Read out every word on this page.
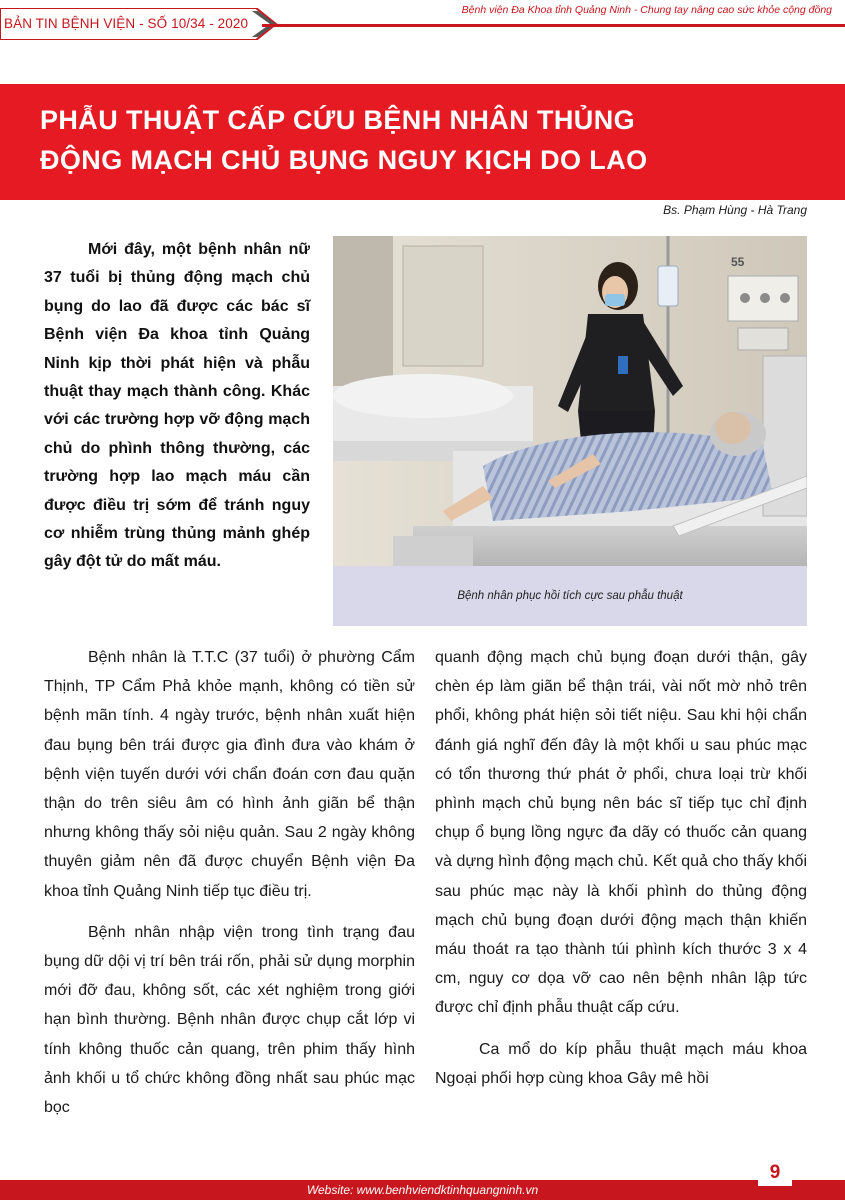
BẢN TIN BỆNH VIỆN - SỐ 10/34 - 2020
Bệnh viện Đa Khoa tỉnh Quảng Ninh - Chung tay nâng cao sức khỏe cộng đồng
PHẪU THUẬT CẤP CỨU BỆNH NHÂN THỦNG
ĐỘNG MẠCH CHỦ BỤNG NGUY KỊCH DO LAO
Bs. Phạm Hùng - Hà Trang

Mới đây, một bệnh nhân nữ 37 tuổi bị thủng động mạch chủ bụng do lao đã được các bác sĩ Bệnh viện Đa khoa tỉnh Quảng Ninh kịp thời phát hiện và phẫu thuật thay mạch thành công. Khác với các trường hợp vỡ động mạch chủ do phình thông thường, các trường hợp lao mạch máu cần được điều trị sớm để tránh nguy cơ nhiễm trùng thủng mảnh ghép gây đột tử do mất máu.

55
Bệnh nhân phục hồi tích cực sau phẫu thuật

Bệnh nhân là T.T.C (37 tuổi) ở phường Cẩm Thịnh, TP Cẩm Phả khỏe mạnh, không có tiền sử bệnh mãn tính. 4 ngày trước, bệnh nhân xuất hiện đau bụng bên trái được gia đình đưa vào khám ở bệnh viện tuyến dưới với chẩn đoán cơn đau quặn thận do trên siêu âm có hình ảnh giãn bể thận nhưng không thấy sỏi niệu quản. Sau 2 ngày không thuyên giảm nên đã được chuyển Bệnh viện Đa khoa tỉnh Quảng Ninh tiếp tục điều trị.

Bệnh nhân nhập viện trong tình trạng đau bụng dữ dội vị trí bên trái rốn, phải sử dụng morphin mới đỡ đau, không sốt, các xét nghiệm trong giới hạn bình thường. Bệnh nhân được chụp cắt lớp vi tính không thuốc cản quang, trên phim thấy hình ảnh khối u tổ chức không đồng nhất sau phúc mạc bọc

quanh động mạch chủ bụng đoạn dưới thận, gây chèn ép làm giãn bể thận trái, vài nốt mờ nhỏ trên phổi, không phát hiện sỏi tiết niệu. Sau khi hội chẩn đánh giá nghĩ đến đây là một khối u sau phúc mạc có tổn thương thứ phát ở phổi, chưa loại trừ khối phình mạch chủ bụng nên bác sĩ tiếp tục chỉ định chụp ổ bụng lồng ngực đa dãy có thuốc cản quang và dựng hình động mạch chủ. Kết quả cho thấy khối sau phúc mạc này là khối phình do thủng động mạch chủ bụng đoạn dưới động mạch thận khiến máu thoát ra tạo thành túi phình kích thước 3 x 4 cm, nguy cơ dọa vỡ cao nên bệnh nhân lập tức được chỉ định phẫu thuật cấp cứu.

Ca mổ do kíp phẫu thuật mạch máu khoa Ngoại phối hợp cùng khoa Gây mê hồi

Website: www.benhviendktinhquangninh.vn
9
